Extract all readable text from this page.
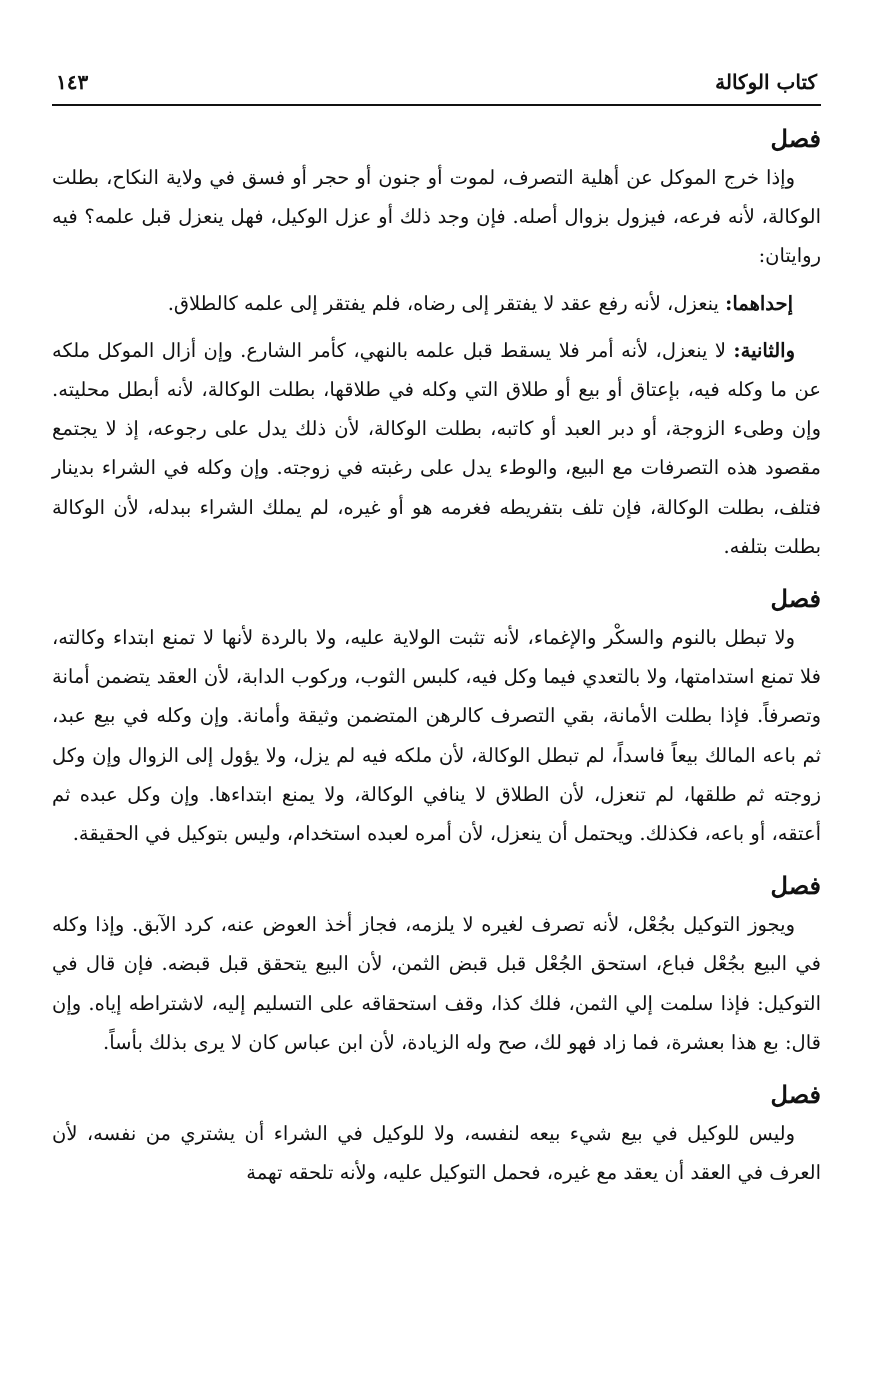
كتاب الوكالة
١٤٣
فصل

وإذا خرج الموكل عن أهلية التصرف، لموت أو جنون أو حجر أو فسق في ولاية النكاح، بطلت الوكالة، لأنه فرعه، فيزول بزوال أصله. فإن وجد ذلك أو عزل الوكيل، فهل ينعزل قبل علمه؟ فيه روايتان:

إحداهما: ينعزل، لأنه رفع عقد لا يفتقر إلى رضاه، فلم يفتقر إلى علمه كالطلاق.

والثانية: لا ينعزل، لأنه أمر فلا يسقط قبل علمه بالنهي، كأمر الشارع. وإن أزال الموكل ملكه عن ما وكله فيه، بإعتاق أو بيع أو طلاق التي وكله في طلاقها، بطلت الوكالة، لأنه أبطل محليته. وإن وطىء الزوجة، أو دبر العبد أو كاتبه، بطلت الوكالة، لأن ذلك يدل على رجوعه، إذ لا يجتمع مقصود هذه التصرفات مع البيع، والوطء يدل على رغبته في زوجته. وإن وكله في الشراء بدينار فتلف، بطلت الوكالة، فإن تلف بتفريطه فغرمه هو أو غيره، لم يملك الشراء ببدله، لأن الوكالة بطلت بتلفه.

فصل

ولا تبطل بالنوم والسكْر والإغماء، لأنه تثبت الولاية عليه، ولا بالردة لأنها لا تمنع ابتداء وكالته، فلا تمنع استدامتها، ولا بالتعدي فيما وكل فيه، كلبس الثوب، وركوب الدابة، لأن العقد يتضمن أمانة وتصرفاً. فإذا بطلت الأمانة، بقي التصرف كالرهن المتضمن وثيقة وأمانة. وإن وكله في بيع عبد، ثم باعه المالك بيعاً فاسداً، لم تبطل الوكالة، لأن ملكه فيه لم يزل، ولا يؤول إلى الزوال وإن وكل زوجته ثم طلقها، لم تنعزل، لأن الطلاق لا ينافي الوكالة، ولا يمنع ابتداءها. وإن وكل عبده ثم أعتقه، أو باعه، فكذلك. ويحتمل أن ينعزل، لأن أمره لعبده استخدام، وليس بتوكيل في الحقيقة.

فصل

ويجوز التوكيل بجُعْل، لأنه تصرف لغيره لا يلزمه، فجاز أخذ العوض عنه، كرد الآبق. وإذا وكله في البيع بجُعْل فباع، استحق الجُعْل قبل قبض الثمن، لأن البيع يتحقق قبل قبضه. فإن قال في التوكيل: فإذا سلمت إلي الثمن، فلك كذا، وقف استحقاقه على التسليم إليه، لاشتراطه إياه. وإن قال: بع هذا بعشرة، فما زاد فهو لك، صح وله الزيادة، لأن ابن عباس كان لا يرى بذلك بأساً.

فصل

وليس للوكيل في بيع شيء بيعه لنفسه، ولا للوكيل في الشراء أن يشتري من نفسه، لأن العرف في العقد أن يعقد مع غيره، فحمل التوكيل عليه، ولأنه تلحقه تهمة
